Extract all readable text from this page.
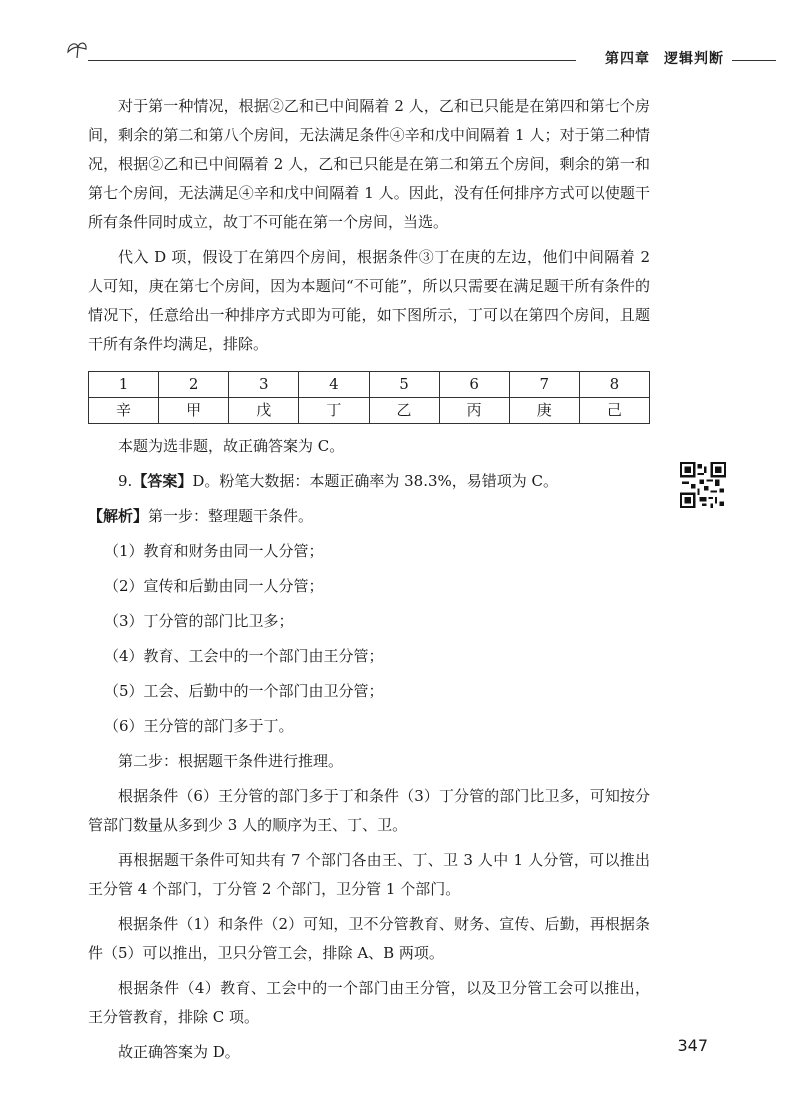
第四章 逻辑判断

对于第一种情况，根据②乙和已中间隔着 2 人，乙和已只能是在第四和第七个房间，剩余的第二和第八个房间，无法满足条件④辛和戊中间隔着 1 人；对于第二种情况，根据②乙和已中间隔着 2 人，乙和已只能是在第二和第五个房间，剩余的第一和第七个房间，无法满足④辛和戊中间隔着 1 人。因此，没有任何排序方式可以使题干所有条件同时成立，故丁不可能在第一个房间，当选。

代入 D 项，假设丁在第四个房间，根据条件③丁在庚的左边，他们中间隔着 2 人可知，庚在第七个房间，因为本题问“不可能”，所以只需要在满足题干所有条件的情况下，任意给出一种排序方式即为可能，如下图所示，丁可以在第四个房间，且题干所有条件均满足，排除。

1	2	3	4	5	6	7	8
辛	甲	戊	丁	乙	丙	庚	己

本题为选非题，故正确答案为 C。

9.【答案】D。粉笔大数据：本题正确率为 38.3%，易错项为 C。

【解析】第一步：整理题干条件。

（1）教育和财务由同一人分管；

（2）宣传和后勤由同一人分管；

（3）丁分管的部门比卫多；

（4）教育、工会中的一个部门由王分管；

（5）工会、后勤中的一个部门由卫分管；

（6）王分管的部门多于丁。

第二步：根据题干条件进行推理。

根据条件（6）王分管的部门多于丁和条件（3）丁分管的部门比卫多，可知按分管部门数量从多到少 3 人的顺序为王、丁、卫。

再根据题干条件可知共有 7 个部门各由王、丁、卫 3 人中 1 人分管，可以推出王分管 4 个部门，丁分管 2 个部门，卫分管 1 个部门。

根据条件（1）和条件（2）可知，卫不分管教育、财务、宣传、后勤，再根据条件（5）可以推出，卫只分管工会，排除 A、B 两项。

根据条件（4）教育、工会中的一个部门由王分管，以及卫分管工会可以推出，王分管教育，排除 C 项。

故正确答案为 D。	347
